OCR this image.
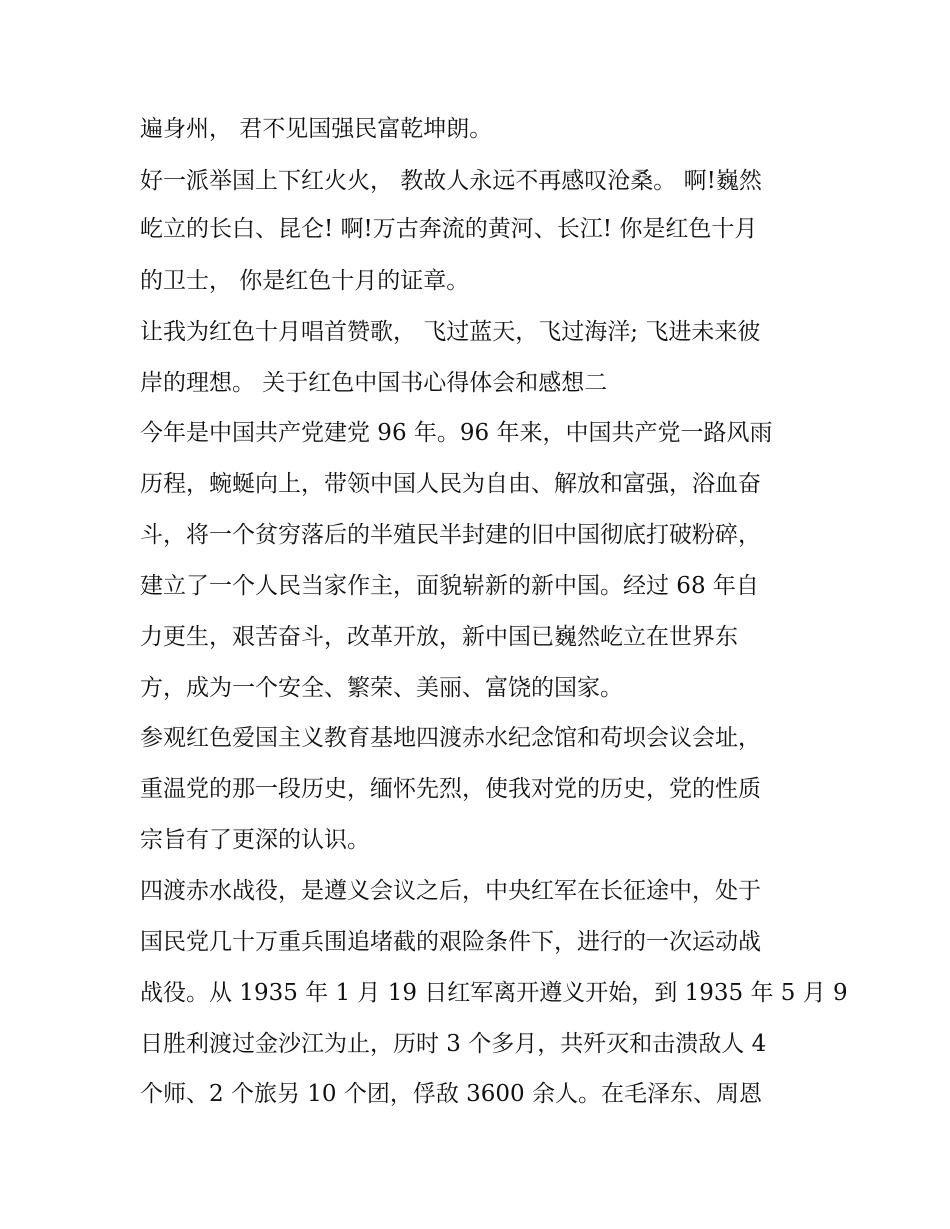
遍身州， 君不见国强民富乾坤朗。
好一派举国上下红火火， 教故人永远不再感叹沧桑。 啊!巍然
屹立的长白、昆仑! 啊!万古奔流的黄河、长江! 你是红色十月
的卫士， 你是红色十月的证章。
让我为红色十月唱首赞歌， 飞过蓝天，飞过海洋; 飞进未来彼
岸的理想。 关于红色中国书心得体会和感想二
今年是中国共产党建党 96 年。96 年来，中国共产党一路风雨
历程，蜿蜒向上，带领中国人民为自由、解放和富强，浴血奋
斗，将一个贫穷落后的半殖民半封建的旧中国彻底打破粉碎，
建立了一个人民当家作主，面貌崭新的新中国。经过 68 年自
力更生，艰苦奋斗，改革开放，新中国已巍然屹立在世界东
方，成为一个安全、繁荣、美丽、富饶的国家。
参观红色爱国主义教育基地四渡赤水纪念馆和苟坝会议会址，
重温党的那一段历史，缅怀先烈，使我对党的历史，党的性质
宗旨有了更深的认识。
四渡赤水战役，是遵义会议之后，中央红军在长征途中，处于
国民党几十万重兵围追堵截的艰险条件下，进行的一次运动战
战役。从 1935 年 1 月 19 日红军离开遵义开始，到 1935 年 5 月 9
日胜利渡过金沙江为止，历时 3 个多月，共歼灭和击溃敌人 4
个师、2 个旅另 10 个团，俘敌 3600 余人。在毛泽东、周恩
